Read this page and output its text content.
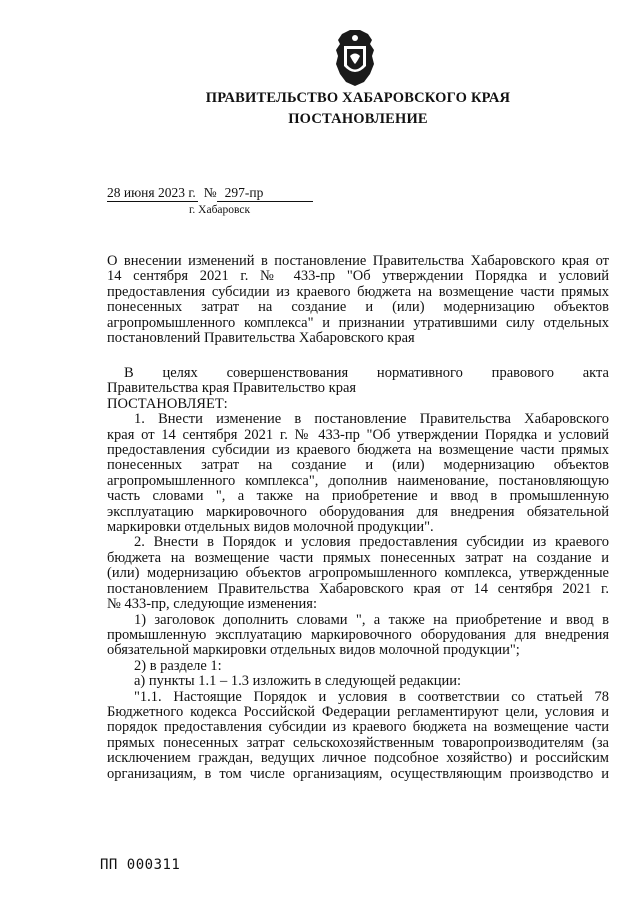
ПРАВИТЕЛЬСТВО ХАБАРОВСКОГО КРАЯ
ПОСТАНОВЛЕНИЕ
28 июня 2023 г. № 297-пр
г. Хабаровск

О внесении изменений в постановление Правительства Хабаровского края от

14 сентября 2021 г. № 433-пр "Об утверждении Порядка и условий

предоставления субсидии из краевого бюджета на возмещение части прямых

понесенных затрат на создание и (или) модернизацию объектов

агропромышленного комплекса" и признании утратившими силу отдельных

постановлений Правительства Хабаровского края

В целях совершенствования нормативного правового акта

Правительства края Правительство края

ПОСТАНОВЛЯЕТ:

1. Внести изменение в постановление Правительства Хабаровского

края от 14 сентября 2021 г. № 433-пр "Об утверждении Порядка и условий

предоставления субсидии из краевого бюджета на возмещение части прямых

понесенных затрат на создание и (или) модернизацию объектов

агропромышленного комплекса", дополнив наименование, постановляющую

часть словами ", а также на приобретение и ввод в промышленную

эксплуатацию маркировочного оборудования для внедрения обязательной

маркировки отдельных видов молочной продукции".

2. Внести в Порядок и условия предоставления субсидии из краевого

бюджета на возмещение части прямых понесенных затрат на создание и

(или) модернизацию объектов агропромышленного комплекса, утвержденные

постановлением Правительства Хабаровского края от 14 сентября 2021 г.

№ 433-пр, следующие изменения:

1) заголовок дополнить словами ", а также на приобретение и ввод в

промышленную эксплуатацию маркировочного оборудования для внедрения

обязательной маркировки отдельных видов молочной продукции";

2) в разделе 1:

а) пункты 1.1 – 1.3 изложить в следующей редакции:

"1.1. Настоящие Порядок и условия в соответствии со статьей 78

Бюджетного кодекса Российской Федерации регламентируют цели, условия и

порядок предоставления субсидии из краевого бюджета на возмещение части

прямых понесенных затрат сельскохозяйственным товаропроизводителям (за

исключением граждан, ведущих личное подсобное хозяйство) и российским

организациям, в том числе организациям, осуществляющим производство и

ПП 000311
